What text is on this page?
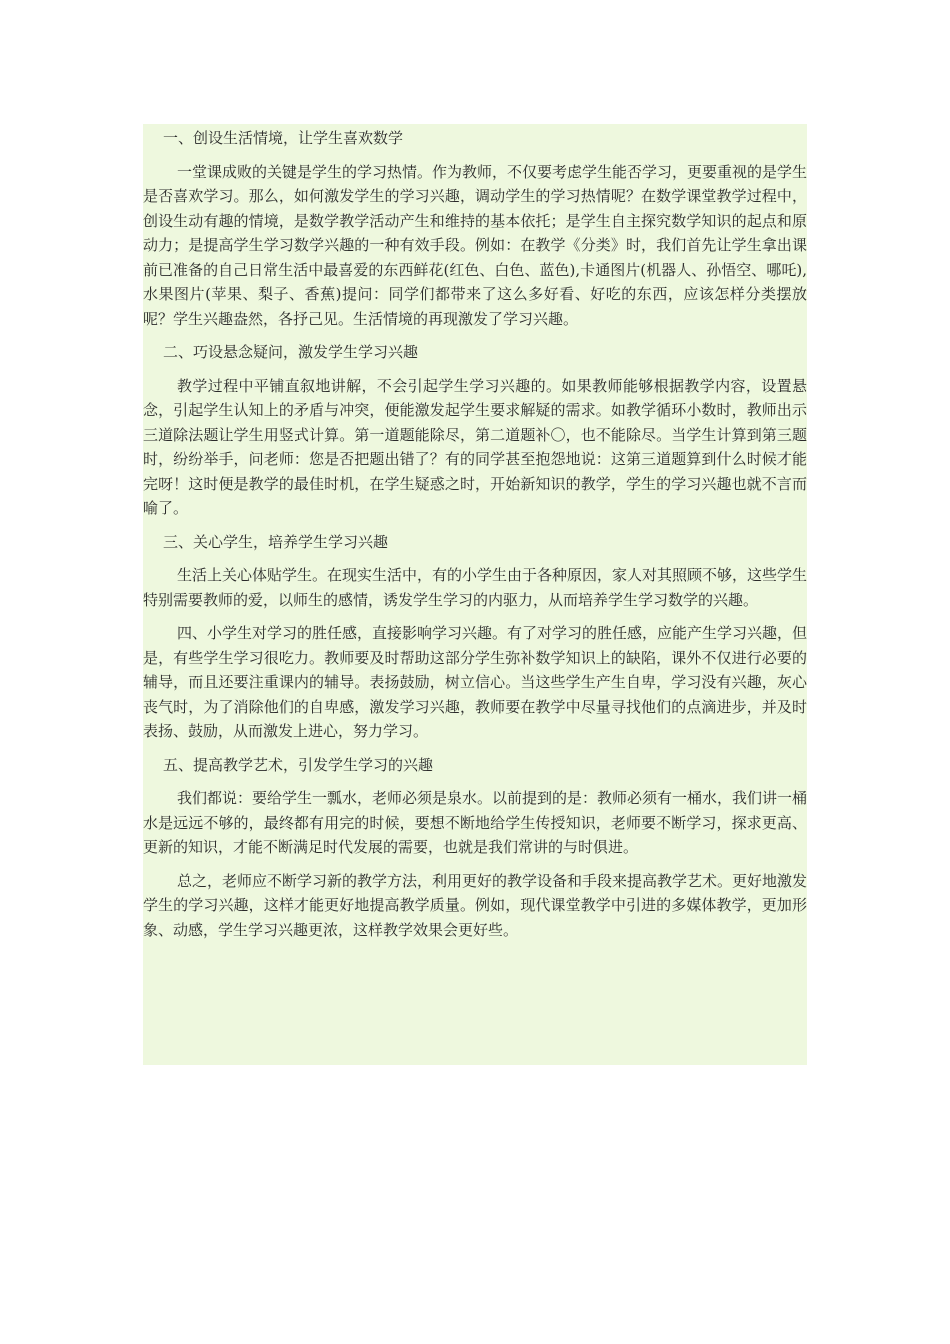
一、创设生活情境，让学生喜欢数学
一堂课成败的关键是学生的学习热情。作为教师，不仅要考虑学生能否学习，更要重视的是学生是否喜欢学习。那么，如何激发学生的学习兴趣，调动学生的学习热情呢？在数学课堂教学过程中，创设生动有趣的情境，是数学教学活动产生和维持的基本依托；是学生自主探究数学知识的起点和原动力；是提高学生学习数学兴趣的一种有效手段。例如：在教学《分类》时，我们首先让学生拿出课前已准备的自己日常生活中最喜爱的东西鲜花(红色、白色、蓝色),卡通图片(机器人、孙悟空、哪吒),水果图片(苹果、梨子、香蕉)提问：同学们都带来了这么多好看、好吃的东西，应该怎样分类摆放呢？学生兴趣盎然，各抒己见。生活情境的再现激发了学习兴趣。
二、巧设悬念疑问，激发学生学习兴趣
教学过程中平铺直叙地讲解，不会引起学生学习兴趣的。如果教师能够根据教学内容，设置悬念，引起学生认知上的矛盾与冲突，便能激发起学生要求解疑的需求。如教学循环小数时，教师出示三道除法题让学生用竖式计算。第一道题能除尽，第二道题补〇，也不能除尽。当学生计算到第三题时，纷纷举手，问老师：您是否把题出错了？有的同学甚至抱怨地说：这第三道题算到什么时候才能完呀！这时便是教学的最佳时机，在学生疑惑之时，开始新知识的教学，学生的学习兴趣也就不言而喻了。
三、关心学生，培养学生学习兴趣
生活上关心体贴学生。在现实生活中，有的小学生由于各种原因，家人对其照顾不够，这些学生特别需要教师的爱，以师生的感情，诱发学生学习的内驱力，从而培养学生学习数学的兴趣。
四、小学生对学习的胜任感，直接影响学习兴趣。有了对学习的胜任感，应能产生学习兴趣，但是，有些学生学习很吃力。教师要及时帮助这部分学生弥补数学知识上的缺陷，课外不仅进行必要的辅导，而且还要注重课内的辅导。表扬鼓励，树立信心。当这些学生产生自卑，学习没有兴趣，灰心丧气时，为了消除他们的自卑感，激发学习兴趣，教师要在教学中尽量寻找他们的点滴进步，并及时表扬、鼓励，从而激发上进心，努力学习。
五、提高教学艺术，引发学生学习的兴趣
我们都说：要给学生一瓢水，老师必须是泉水。以前提到的是：教师必须有一桶水，我们讲一桶水是远远不够的，最终都有用完的时候，要想不断地给学生传授知识，老师要不断学习，探求更高、更新的知识，才能不断满足时代发展的需要，也就是我们常讲的与时俱进。
总之，老师应不断学习新的教学方法，利用更好的教学设备和手段来提高教学艺术。更好地激发学生的学习兴趣，这样才能更好地提高教学质量。例如，现代课堂教学中引进的多媒体教学，更加形象、动感，学生学习兴趣更浓，这样教学效果会更好些。
